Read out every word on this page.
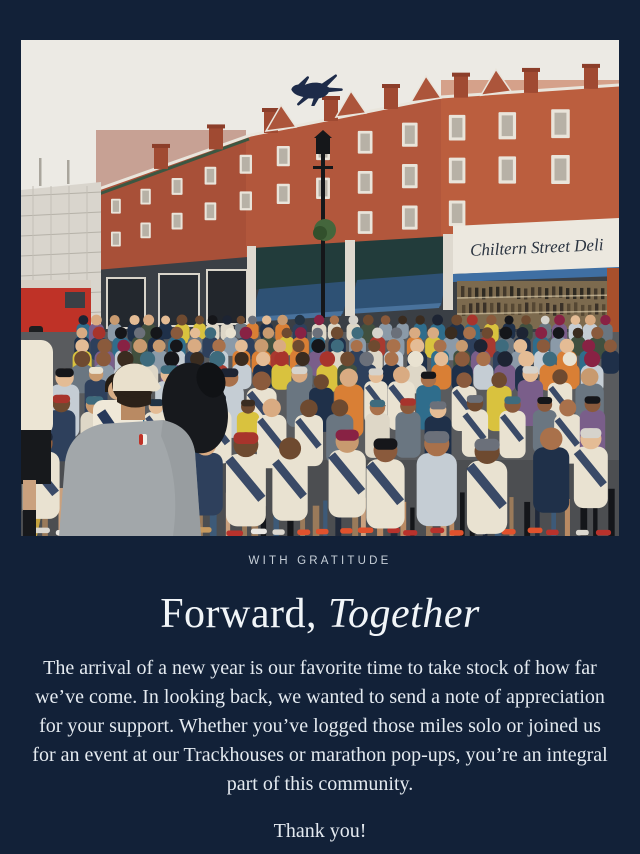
Chiltern Street Deli
WITH GRATITUDE
Forward, Together

The arrival of a new year is our favorite time to take stock of how far we’ve come. In looking back, we wanted to send a note of appreciation for your support. Whether you’ve logged those miles solo or joined us for an event at our Trackhouses or marathon pop-ups, you’re an integral part of this community.

Thank you!
